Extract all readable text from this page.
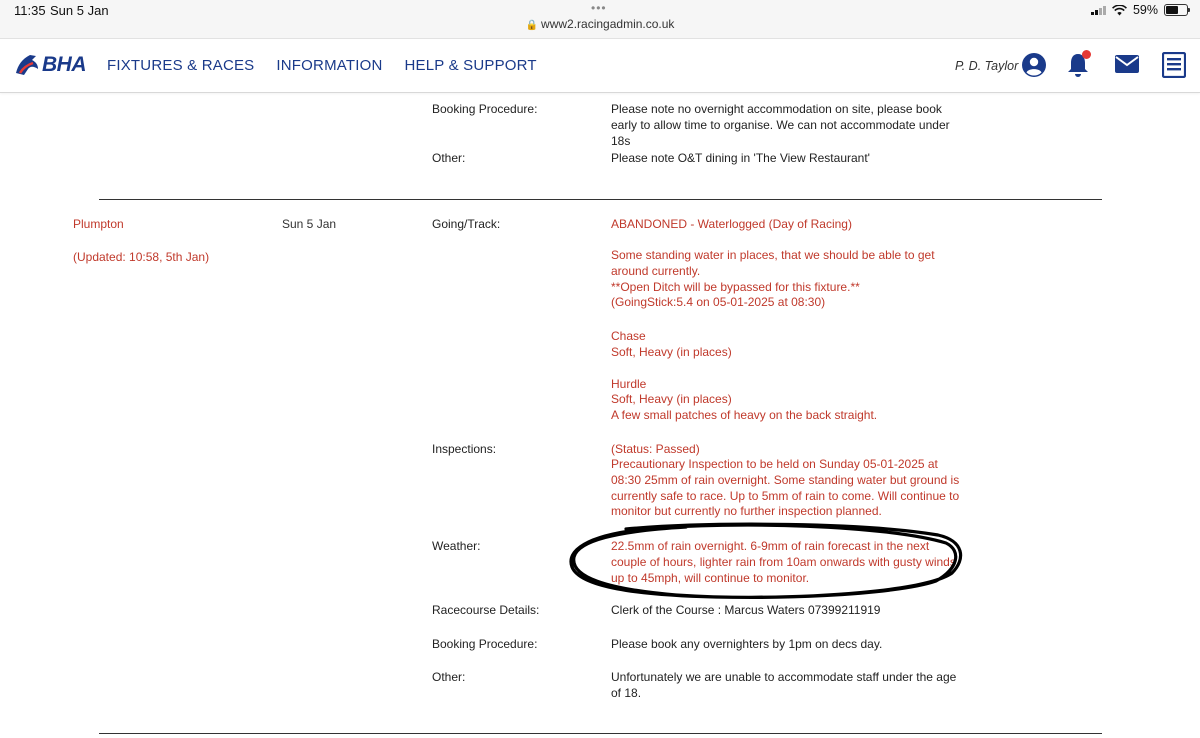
11:35 Sun 5 Jan	•••
🔒 www2.racingadmin.co.uk
59%
BHA FIXTURES & RACES INFORMATION HELP & SUPPORT	P. D. Taylor
Booking Procedure:	Please note no overnight accommodation on site, please book early to allow time to organise. We can not accommodate under 18s
Other:	Please note O&T dining in 'The View Restaurant'
Plumpton
(Updated: 10:58, 5th Jan)
Sun 5 Jan	Going/Track:	ABANDONED - Waterlogged (Day of Racing)
Some standing water in places, that we should be able to get around currently.
**Open Ditch will be bypassed for this fixture.**
(GoingStick:5.4 on 05-01-2025 at 08:30)
Chase
Soft, Heavy (in places)
Hurdle
Soft, Heavy (in places)
A few small patches of heavy on the back straight.
Inspections:	(Status: Passed)
Precautionary Inspection to be held on Sunday 05-01-2025 at 08:30 25mm of rain overnight. Some standing water but ground is currently safe to race. Up to 5mm of rain to come. Will continue to monitor but currently no further inspection planned.
Weather:	22.5mm of rain overnight. 6-9mm of rain forecast in the next couple of hours, lighter rain from 10am onwards with gusty winds up to 45mph, will continue to monitor.
Racecourse Details:	Clerk of the Course : Marcus Waters 07399211919
Booking Procedure:	Please book any overnighters by 1pm on decs day.
Other:	Unfortunately we are unable to accommodate staff under the age of 18.
